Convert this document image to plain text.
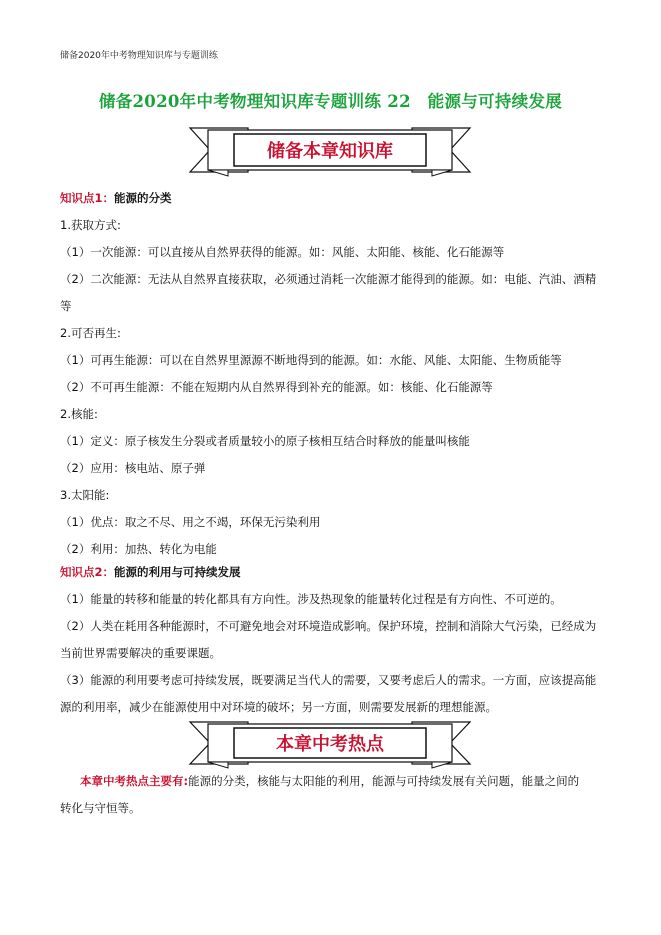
储备2020年中考物理知识库与专题训练
储备2020年中考物理知识库专题训练 22　能源与可持续发展
储备本章知识库
知识点1：能源的分类
1.获取方式:
（1）一次能源：可以直接从自然界获得的能源。如：风能、太阳能、核能、化石能源等
（2）二次能源：无法从自然界直接获取，必须通过消耗一次能源才能得到的能源。如：电能、汽油、酒精
等
2.可否再生:
（1）可再生能源：可以在自然界里源源不断地得到的能源。如：水能、风能、太阳能、生物质能等
（2）不可再生能源：不能在短期内从自然界得到补充的能源。如：核能、化石能源等
2.核能:
（1）定义：原子核发生分裂或者质量较小的原子核相互结合时释放的能量叫核能
（2）应用：核电站、原子弹
3.太阳能:
（1）优点：取之不尽、用之不竭，环保无污染利用
（2）利用：加热、转化为电能
知识点2：能源的利用与可持续发展
（1）能量的转移和能量的转化都具有方向性。涉及热现象的能量转化过程是有方向性、不可逆的。
（2）人类在耗用各种能源时，不可避免地会对环境造成影响。保护环境，控制和消除大气污染，已经成为
当前世界需要解决的重要课题。
（3）能源的利用要考虑可持续发展，既要满足当代人的需要，又要考虑后人的需求。一方面，应该提高能
源的利用率，减少在能源使用中对环境的破坏；另一方面，则需要发展新的理想能源。
本章中考热点
本章中考热点主要有:能源的分类，核能与太阳能的利用，能源与可持续发展有关问题，能量之间的
转化与守恒等。
